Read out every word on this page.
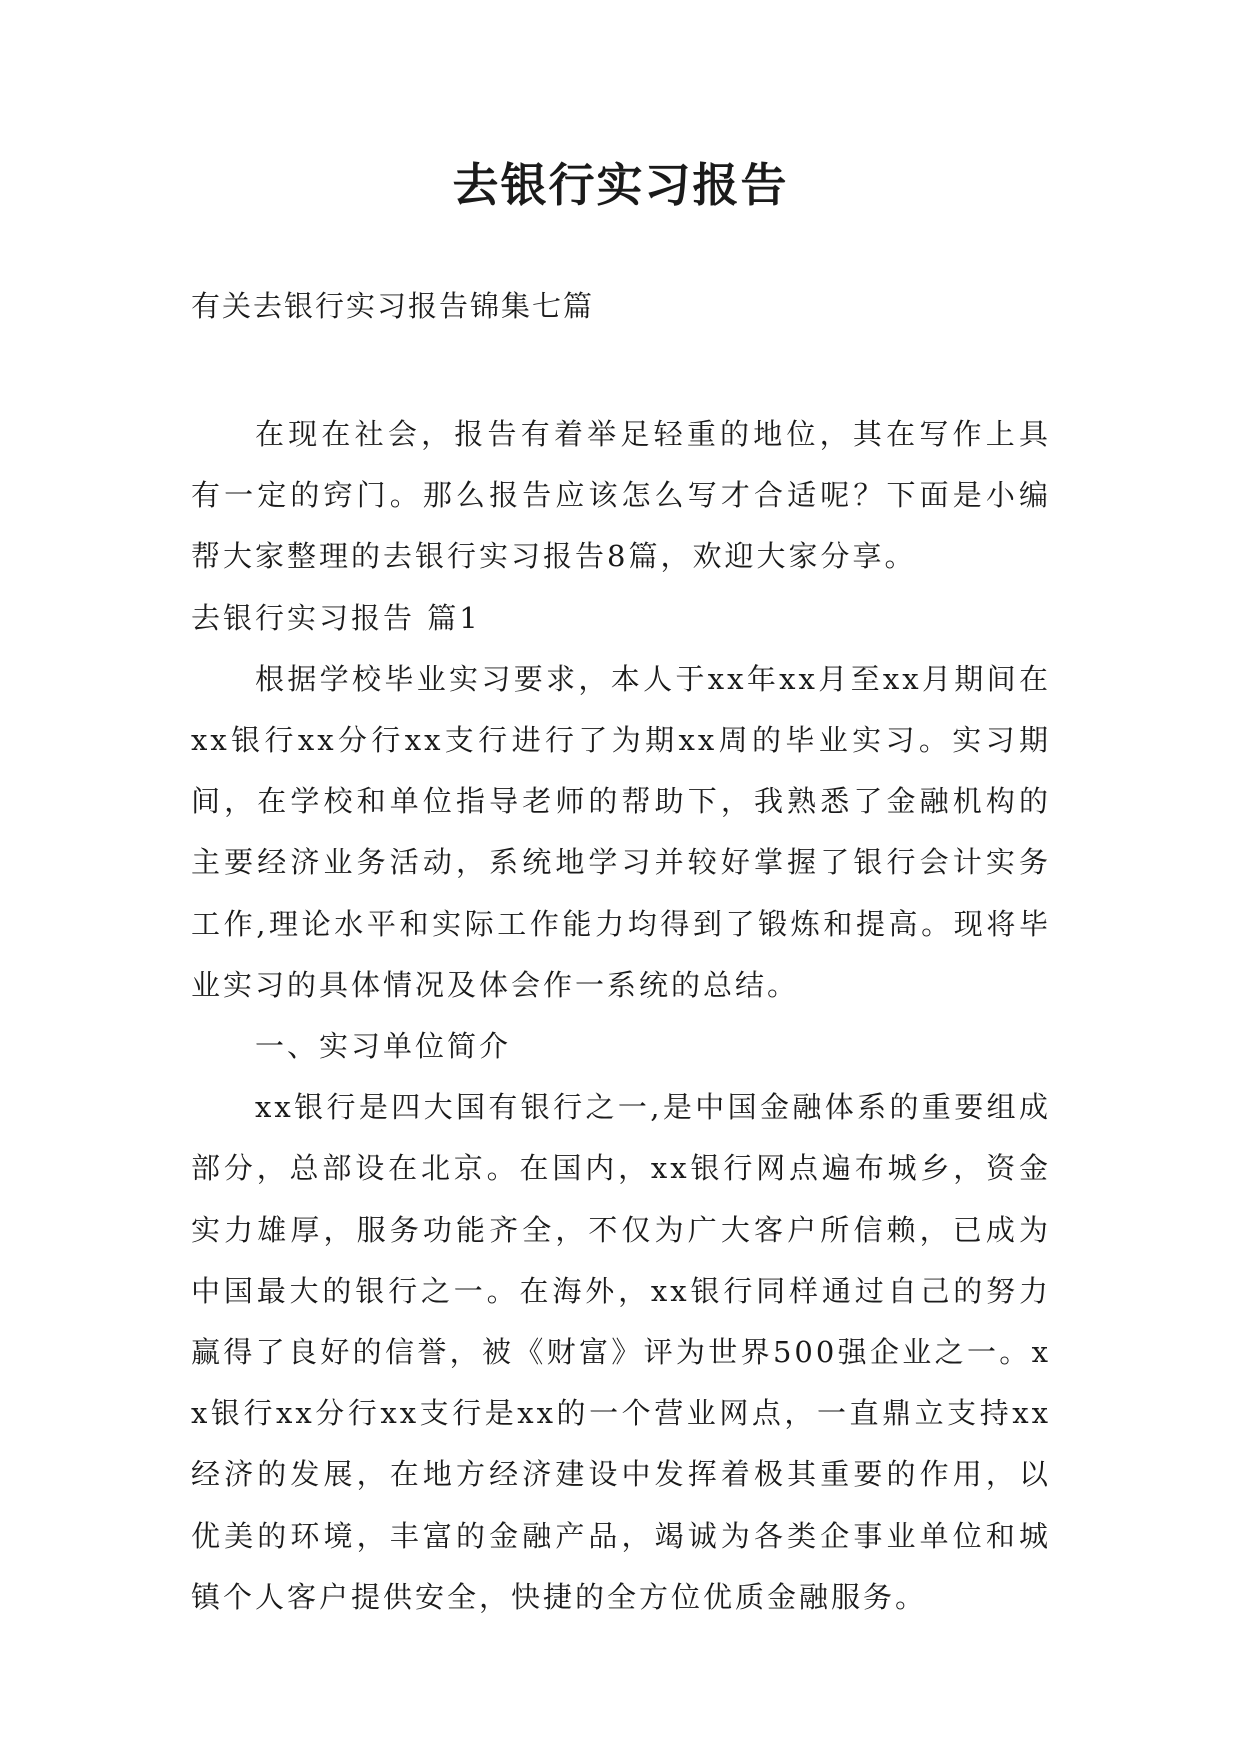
去银行实习报告

有关去银行实习报告锦集七篇

在现在社会，报告有着举足轻重的地位，其在写作上具有一定的窍门。那么报告应该怎么写才合适呢？下面是小编帮大家整理的去银行实习报告8篇，欢迎大家分享。

去银行实习报告 篇1

根据学校毕业实习要求，本人于xx年xx月至xx月期间在xx银行xx分行xx支行进行了为期xx周的毕业实习。实习期间，在学校和单位指导老师的帮助下，我熟悉了金融机构的主要经济业务活动，系统地学习并较好掌握了银行会计实务工作,理论水平和实际工作能力均得到了锻炼和提高。现将毕业实习的具体情况及体会作一系统的总结。

一、实习单位简介

xx银行是四大国有银行之一,是中国金融体系的重要组成部分，总部设在北京。在国内，xx银行网点遍布城乡，资金实力雄厚，服务功能齐全，不仅为广大客户所信赖，已成为中国最大的银行之一。在海外，xx银行同样通过自己的努力赢得了良好的信誉，被《财富》评为世界500强企业之一。xx银行xx分行xx支行是xx的一个营业网点，一直鼎立支持xx经济的发展，在地方经济建设中发挥着极其重要的作用，以优美的环境，丰富的金融产品，竭诚为各类企事业单位和城镇个人客户提供安全，快捷的全方位优质金融服务。
